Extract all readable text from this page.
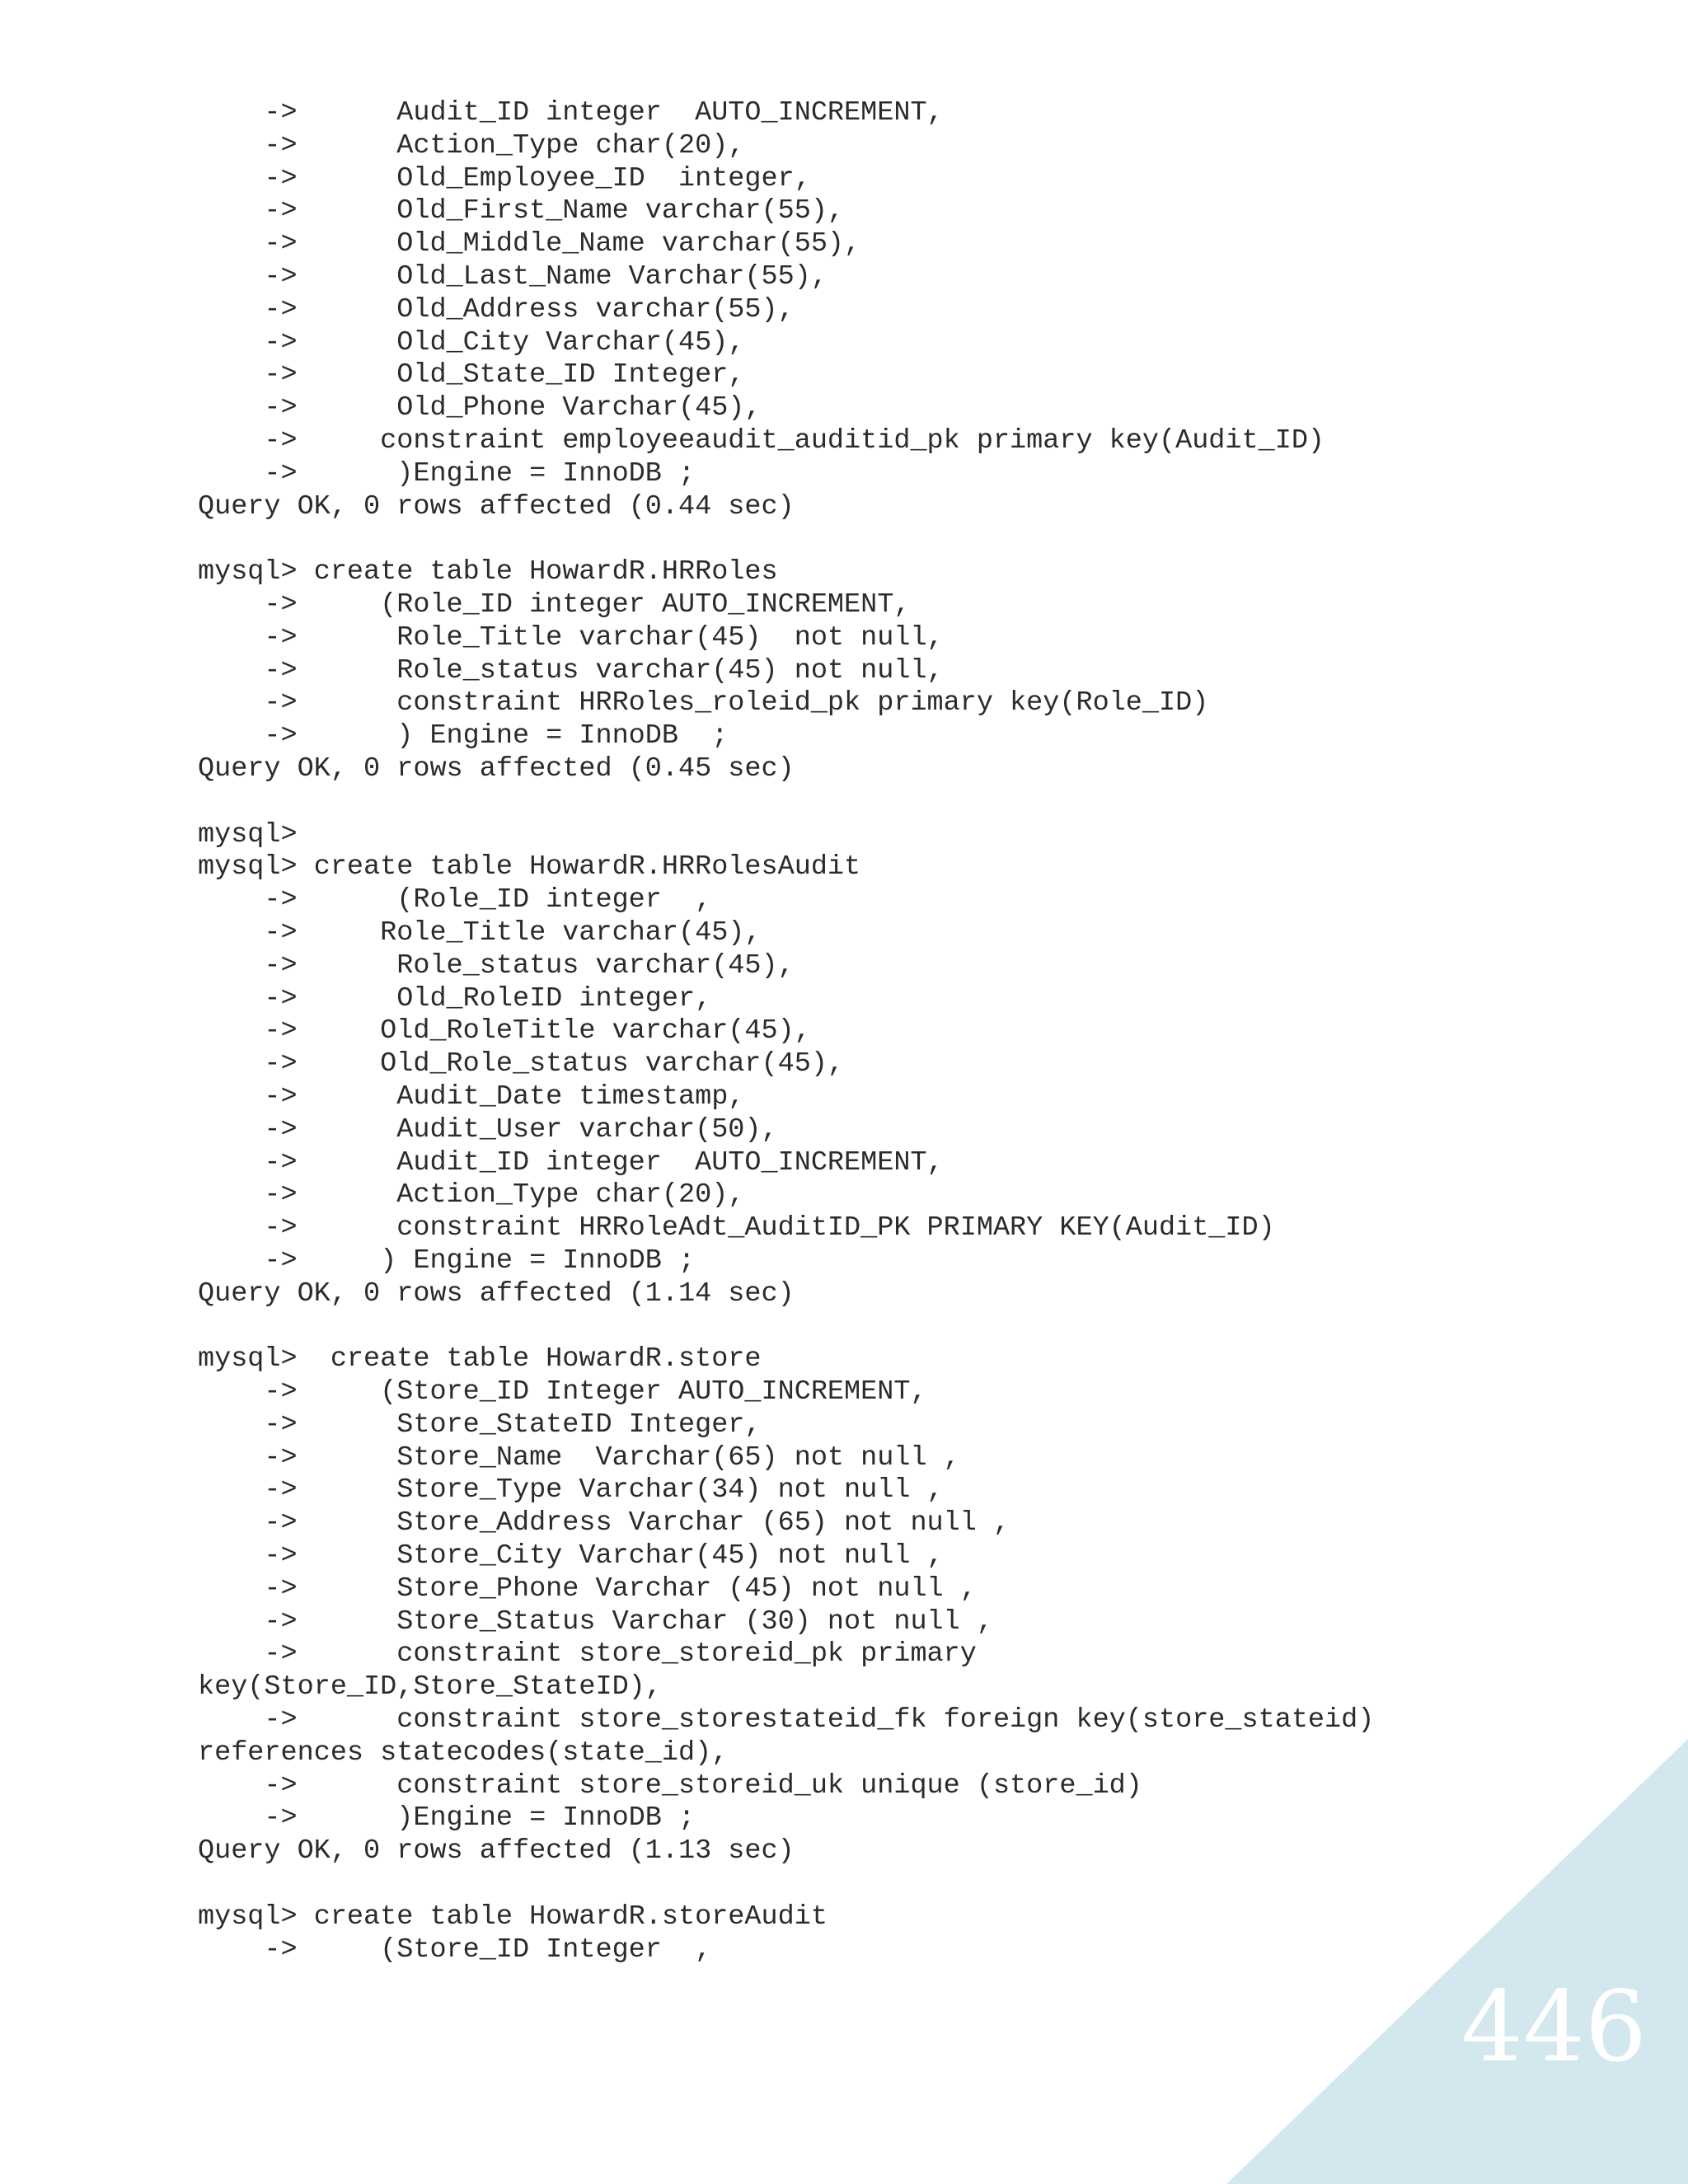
->      Audit_ID integer  AUTO_INCREMENT,
->      Action_Type char(20),
->      Old_Employee_ID  integer,
->      Old_First_Name varchar(55),
->      Old_Middle_Name varchar(55),
->      Old_Last_Name Varchar(55),
->      Old_Address varchar(55),
->      Old_City Varchar(45),
->      Old_State_ID Integer,
->      Old_Phone Varchar(45),
->     constraint employeeaudit_auditid_pk primary key(Audit_ID)
->      )Engine = InnoDB ;
Query OK, 0 rows affected (0.44 sec)
mysql> create table HowardR.HRRoles
->     (Role_ID integer AUTO_INCREMENT,
->      Role_Title varchar(45)  not null,
->      Role_status varchar(45) not null,
->      constraint HRRoles_roleid_pk primary key(Role_ID)
->      ) Engine = InnoDB  ;
Query OK, 0 rows affected (0.45 sec)
mysql>
mysql> create table HowardR.HRRolesAudit
->      (Role_ID integer  ,
->     Role_Title varchar(45),
->      Role_status varchar(45),
->      Old_RoleID integer,
->     Old_RoleTitle varchar(45),
->     Old_Role_status varchar(45),
->      Audit_Date timestamp,
->      Audit_User varchar(50),
->      Audit_ID integer  AUTO_INCREMENT,
->      Action_Type char(20),
->      constraint HRRoleAdt_AuditID_PK PRIMARY KEY(Audit_ID)
->     ) Engine = InnoDB ;
Query OK, 0 rows affected (1.14 sec)
mysql>  create table HowardR.store
->     (Store_ID Integer AUTO_INCREMENT,
->      Store_StateID Integer,
->      Store_Name  Varchar(65) not null ,
->      Store_Type Varchar(34) not null ,
->      Store_Address Varchar (65) not null ,
->      Store_City Varchar(45) not null ,
->      Store_Phone Varchar (45) not null ,
->      Store_Status Varchar (30) not null ,
->      constraint store_storeid_pk primary
key(Store_ID,Store_StateID),
->      constraint store_storestateid_fk foreign key(store_stateid)
references statecodes(state_id),
->      constraint store_storeid_uk unique (store_id)
->      )Engine = InnoDB ;
Query OK, 0 rows affected (1.13 sec)
mysql> create table HowardR.storeAudit
->     (Store_ID Integer  ,
446
